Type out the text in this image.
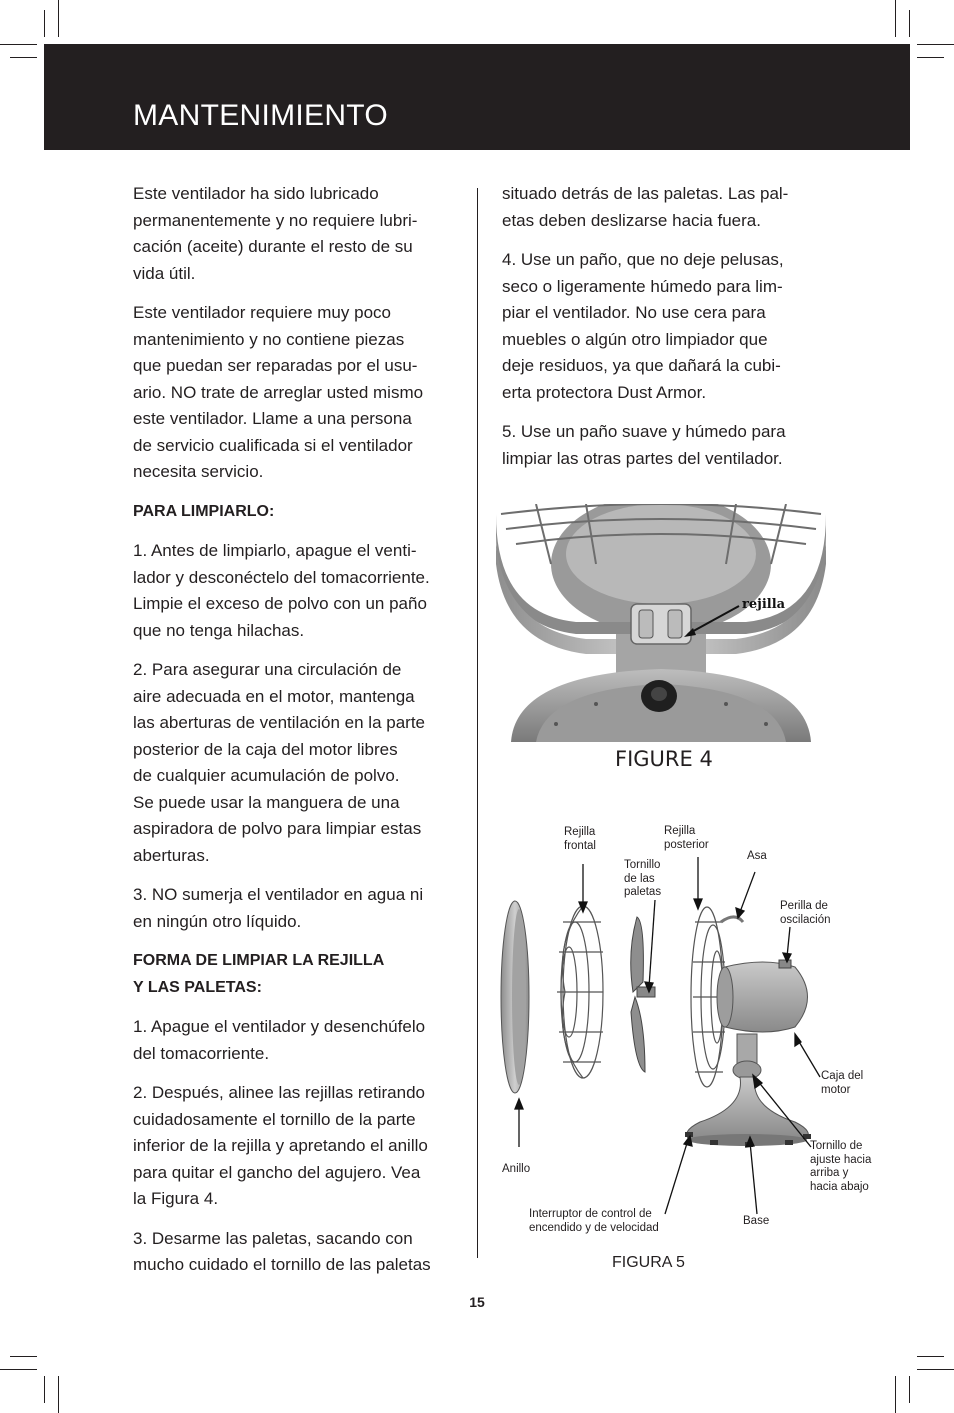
MANTENIMIENTO

Este ventilador ha sido lubricado
permanentemente y no requiere lubri-
cación (aceite) durante el resto de su
vida útil.

Este ventilador requiere muy poco
mantenimiento y no contiene piezas
que puedan ser reparadas por el usu-
ario. NO trate de arreglar usted mismo
este ventilador. Llame a una persona
de servicio cualificada si el ventilador
necesita servicio.

PARA LIMPIARLO:

1. Antes de limpiarlo, apague el venti-
lador y desconéctelo del tomacorriente.
Limpie el exceso de polvo con un paño
que no tenga hilachas.

2. Para asegurar una circulación de
aire adecuada en el motor, mantenga
las aberturas de ventilación en la parte
posterior de la caja del motor libres
de cualquier acumulación de polvo.
Se puede usar la manguera de una
aspiradora de polvo para limpiar estas
aberturas.

3. NO sumerja el ventilador en agua ni
en ningún otro líquido.

FORMA DE LIMPIAR LA REJILLA
Y LAS PALETAS:

1. Apague el ventilador y desenchúfelo
del tomacorriente.

2. Después, alinee las rejillas retirando
cuidadosamente el tornillo de la parte
inferior de la rejilla y apretando el anillo
para quitar el gancho del agujero. Vea
la Figura 4.

3. Desarme las paletas, sacando con
mucho cuidado el tornillo de las paletas

situado detrás de las paletas. Las pal-
etas deben deslizarse hacia fuera.

4. Use un paño, que no deje pelusas,
seco o ligeramente húmedo para lim-
piar el ventilador. No use cera para
muebles o algún otro limpiador que
deje residuos, ya que dañará la cubi-
erta protectora Dust Armor.

5. Use un paño suave y húmedo para
limpiar las otras partes del ventilador.

rejilla
FIGURE 4
Rejilla
frontal
Rejilla
posterior
Tornillo
de las
paletas
Asa
Perilla de
oscilación
Caja del
motor
Tornillo de
ajuste hacia
arriba y
hacia abajo
Anillo
Interruptor de control de
encendido y de velocidad
Base
FIGURA 5
15
